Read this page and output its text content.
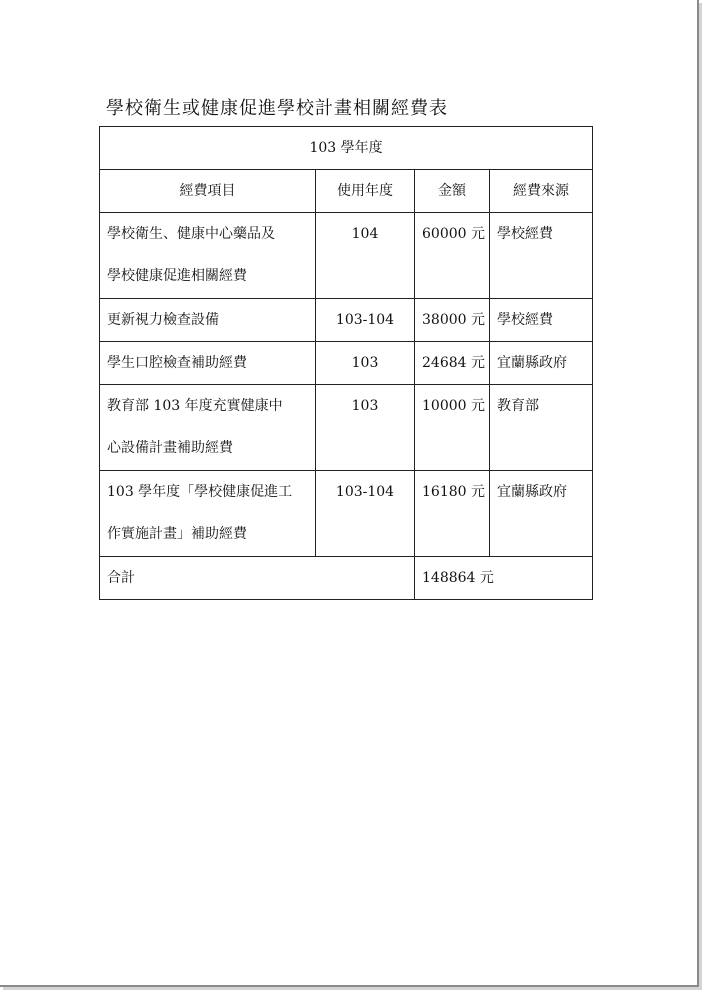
學校衛生或健康促進學校計畫相關經費表
103 學年度			

經費項目	使用年度	金額	經費來源

學校衛生、健康中心藥品及
學校健康促進相關經費	104	60000 元	學校經費

更新視力檢查設備	103-104	38000 元	學校經費

學生口腔檢查補助經費	103	24684 元	宜蘭縣政府

教育部 103 年度充實健康中
心設備計畫補助經費	103	10000 元	教育部

103 學年度「學校健康促進工
作實施計畫」補助經費	103-104	16180 元	宜蘭縣政府

合計		148864 元	
